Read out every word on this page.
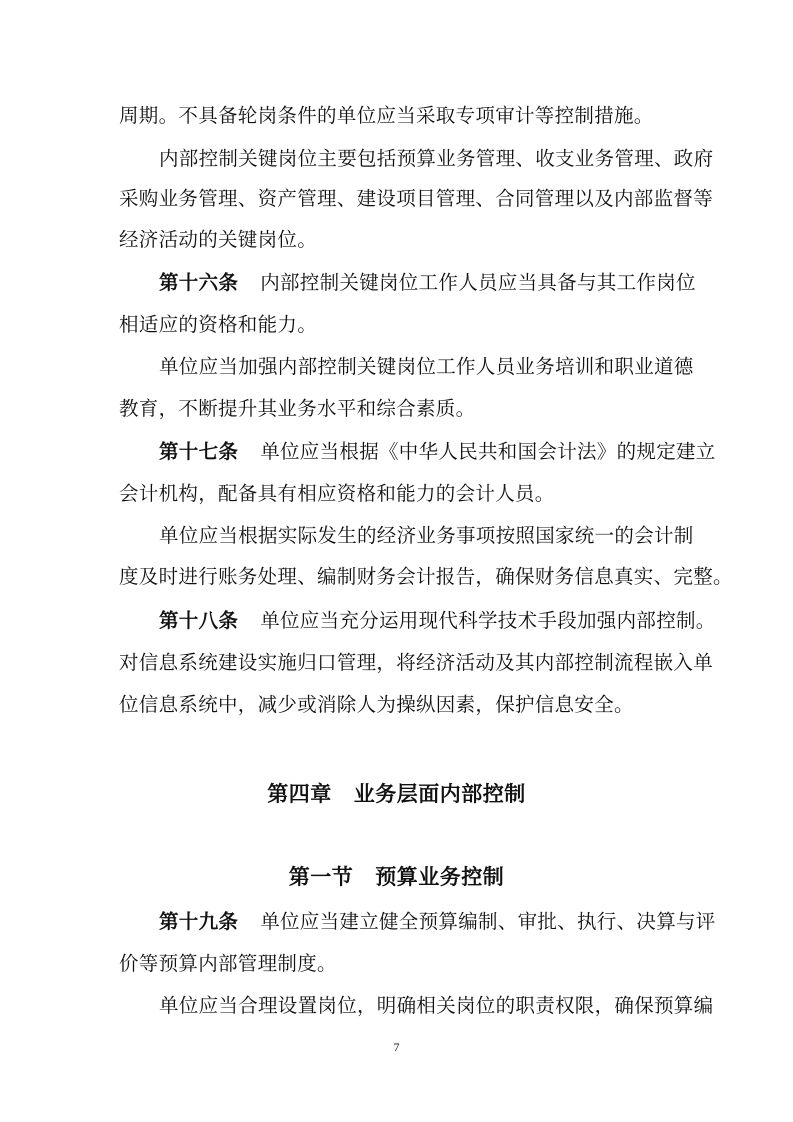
周期。不具备轮岗条件的单位应当采取专项审计等控制措施。
内部控制关键岗位主要包括预算业务管理、收支业务管理、政府
采购业务管理、资产管理、建设项目管理、合同管理以及内部监督等
经济活动的关键岗位。
第十六条 内部控制关键岗位工作人员应当具备与其工作岗位
相适应的资格和能力。
单位应当加强内部控制关键岗位工作人员业务培训和职业道德
教育，不断提升其业务水平和综合素质。
第十七条 单位应当根据《中华人民共和国会计法》的规定建立
会计机构，配备具有相应资格和能力的会计人员。
单位应当根据实际发生的经济业务事项按照国家统一的会计制
度及时进行账务处理、编制财务会计报告，确保财务信息真实、完整。
第十八条 单位应当充分运用现代科学技术手段加强内部控制。
对信息系统建设实施归口管理，将经济活动及其内部控制流程嵌入单
位信息系统中，减少或消除人为操纵因素，保护信息安全。
第四章 业务层面内部控制
第一节 预算业务控制
第十九条 单位应当建立健全预算编制、审批、执行、决算与评
价等预算内部管理制度。
单位应当合理设置岗位，明确相关岗位的职责权限，确保预算编
7
